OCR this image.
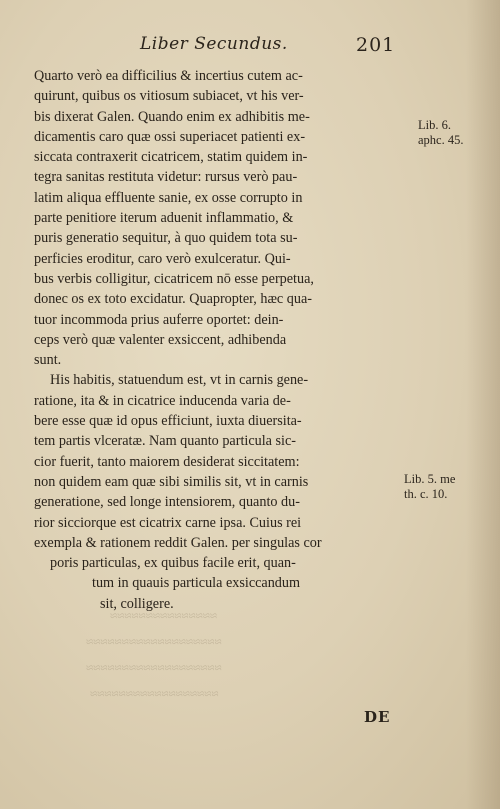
Liber Secundus.	201
Quarto verò ea difficilius & incertius cutem ac-
quirunt, quibus os vitiosum subiacet, vt his ver-
bis dixerat Galen. Quando enim ex adhibitis me-
dicamentis caro quæ ossi superiacet patienti ex-
siccata contraxerit cicatricem, statim quidem in-
tegra sanitas restituta videtur: rursus verò pau-
latim aliqua effluente sanie, ex osse corrupto in
parte penitiore iterum aduenit inflammatio, &
puris generatio sequitur, à quo quidem tota su-
perficies eroditur, caro verò exulceratur. Qui-
bus verbis colligitur, cicatricem nō esse perpetua,
donec os ex toto excidatur. Quapropter, hæc qua-
tuor incommoda prius auferre oportet: dein-
ceps verò quæ valenter exsiccent, adhibenda
sunt.
His habitis, statuendum est, vt in carnis gene-
ratione, ita & in cicatrice inducenda varia de-
bere esse quæ id opus efficiunt, iuxta diuersita-
tem partis vlceratæ. Nam quanto particula sic-
cior fuerit, tanto maiorem desiderat siccitatem:
non quidem eam quæ sibi similis sit, vt in carnis
generatione, sed longe intensiorem, quanto du-
rior sicciorque est cicatrix carne ipsa. Cuius rei
exempla & rationem reddit Galen. per singulas cor
poris particulas, ex quibus facile erit, quan-
tum in quauis particula exsiccandum
sit, colligere.
Lib. 6.
aphc. 45.
Lib. 5. me
th. c. 10.
DE
≈≈≈≈≈≈≈≈≈≈≈≈≈≈≈
≈≈≈≈≈≈≈≈≈≈≈≈≈≈≈≈≈≈≈
≈≈≈≈≈≈≈≈≈≈≈≈≈≈≈≈≈≈≈
≈≈≈≈≈≈≈≈≈≈≈≈≈≈≈≈≈≈
